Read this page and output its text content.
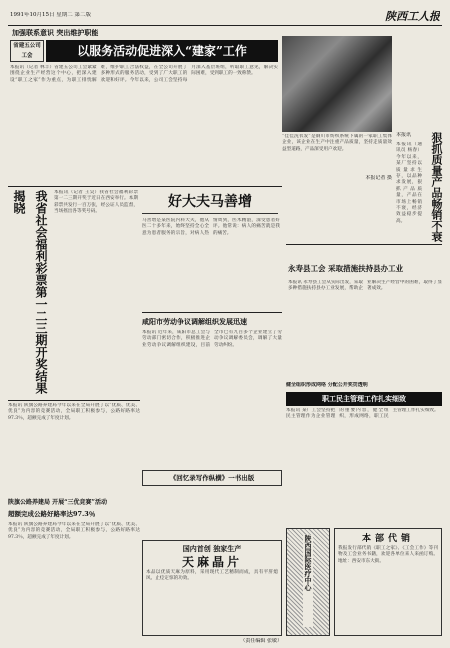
1991年10月15日 星期二 第二版	陕西工人报
加强联系意识 突出维护职能
省建五公司 工会	以服务活动促进深入“建家”工作
本报讯（记者 林丰）省建五公司工会紧紧围绕企业生产经营这个中心，把深入建设“职工之家”作为重点，为职工排忧解难，维护职工合法权益，在全公司开展了多种形式的服务活动，受到了广大职工的欢迎和好评。今年以来，公司工会坚持每月深入基层班组，听取职工意见，解决实际困难，受到职工的一致称赞。
“佳佳洗衣发”是铜川市纺织系统下属的一家职工集体企业，该企业在生产中注重产品质量，坚持走质量效益型道路，产品深受用户欢迎。
本报记者 摄
本报讯	狠抓质量产品畅销不衰
本报讯（通讯员 杨春）今年以来，某厂坚持以质量求生存，以品种求发展，狠抓产品质量，产品在市场上畅销不衰，经济效益稳步提高。
我省社会福利彩票第一二三期开奖结果揭晓	本报讯（记者 王昊）我省社会福利彩票第一二三期开奖于近日在西安举行。本期彩票共发行一百万张，经公证人员监督，当场摇出各等奖号码。
好大夫马善增
马善增是某医院内科大夫，他从医二十多年来，始终坚持全心全意为患者服务的宗旨，对病人热情周到，医术精湛，深受患者好评。他常说：病人的痛苦就是我的痛苦。
永寿县工会 采取措施扶持县办工业
本报讯 永寿县工会从实际出发，采取多种措施扶持县办工业发展，帮助企业解决生产经营中的困难，取得了显著成效。
咸阳市劳动争议调解组织发展迅速
本报讯 近年来，咸阳市总工会与劳动部门密切合作，积极推进企业劳动争议调解组织建设，目前全市已有九百多个企业建立了劳动争议调解委员会，调解了大量劳动纠纷。
本报讯 陕旗公路养建局今年以来在全局开展了以“优质、优美、优良”为内容的竞赛活动，全局职工积极参与，公路好路率达97.3％，超额完成了年度计划。
陕旗公路养建局 开展“三优竞赛”活动
超额完成公路好路率达97.3％
本报讯 陕旗公路养建局今年以来在全局开展了以“优质、优美、优良”为内容的竞赛活动，全局职工积极参与，公路好路率达97.3％，超额完成了年度计划。
《回忆录写作纵横》一书出版
国内首创 独家生产
天麻晶片
本品以优质天麻为原料，采用现代工艺精制而成，具有平肝熄风、止痉定惊的功效。	陕西国际医疗中心
健全组织形成网络 分配公开奖罚透明
职工民主管理工作扎实细致
本报讯 某厂工会坚持把民主管理作为企业管理的重要内容，健全组织，形成网络，职工民主管理工作扎实细致。
本部代销
我报发行部代销《职工之家》、《工会工作》等刊物及工会业务书籍，欢迎各单位来人来函订购。地址：西安市东大街。
（责任编辑 张敏）
